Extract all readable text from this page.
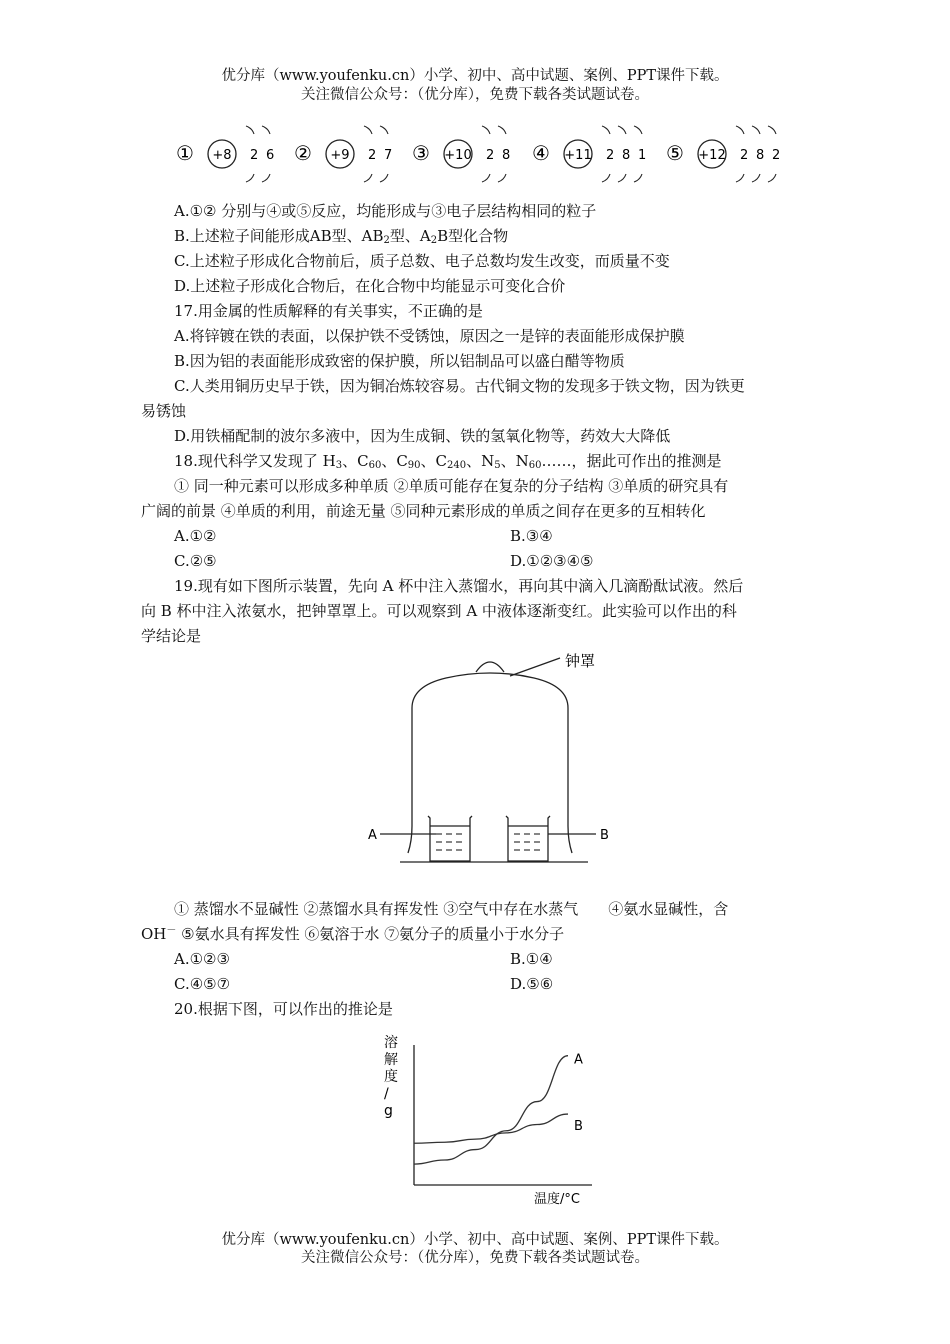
优分库（www.youfenku.cn）小学、初中、高中试题、案例、PPT课件下载。
关注微信公众号：（优分库），免费下载各类试题试卷。
① +8 2 6 ② +9 2 7 ③ +10 2 8 ④ +11 2 8 1 ⑤ +12 2 8 2
A.①② 分别与④或⑤反应，均能形成与③电子层结构相同的粒子
B.上述粒子间能形成AB型、$AB_2$型、$A_2B$型化合物
C.上述粒子形成化合物前后，质子总数、电子总数均发生改变，而质量不变
D.上述粒子形成化合物后，在化合物中均能显示可变化合价
17.用金属的性质解释的有关事实，不正确的是
A.将锌镀在铁的表面，以保护铁不受锈蚀，原因之一是锌的表面能形成保护膜
B.因为铝的表面能形成致密的保护膜，所以铝制品可以盛白醋等物质
C.人类用铜历史早于铁，因为铜冶炼较容易。古代铜文物的发现多于铁文物，因为铁更
易锈蚀
D.用铁桶配制的波尔多液中，因为生成铜、铁的氢氧化物等，药效大大降低
18.现代科学又发现了 $H_3$、$C_{60}$、$C_{90}$、$C_{240}$、$N_5$、$N_{60}\dots\dots$，据此可作出的推测是
① 同一种元素可以形成多种单质 ②单质可能存在复杂的分子结构 ③单质的研究具有
广阔的前景 ④单质的利用，前途无量 ⑤同种元素形成的单质之间存在更多的互相转化
A.①②	B.③④
C.②⑤	D.①②③④⑤
19.现有如下图所示装置，先向 A 杯中注入蒸馏水，再向其中滴入几滴酚酞试液。然后
向 B 杯中注入浓氨水，把钟罩罩上。可以观察到 A 中液体逐渐变红。此实验可以作出的科
学结论是
钟罩
A	B
① 蒸馏水不显碱性 ②蒸馏水具有挥发性 ③空气中存在水蒸气　　④氨水显碱性，含
OH－ ⑤氨水具有挥发性 ⑥氨溶于水 ⑦氨分子的质量小于水分子
A.①②③	B.①④
C.④⑤⑦	D.⑤⑥
20.根据下图，可以作出的推论是
溶
解
度
/
g
温度/°C
A
B
优分库（www.youfenku.cn）小学、初中、高中试题、案例、PPT课件下载。
关注微信公众号：（优分库），免费下载各类试题试卷。
